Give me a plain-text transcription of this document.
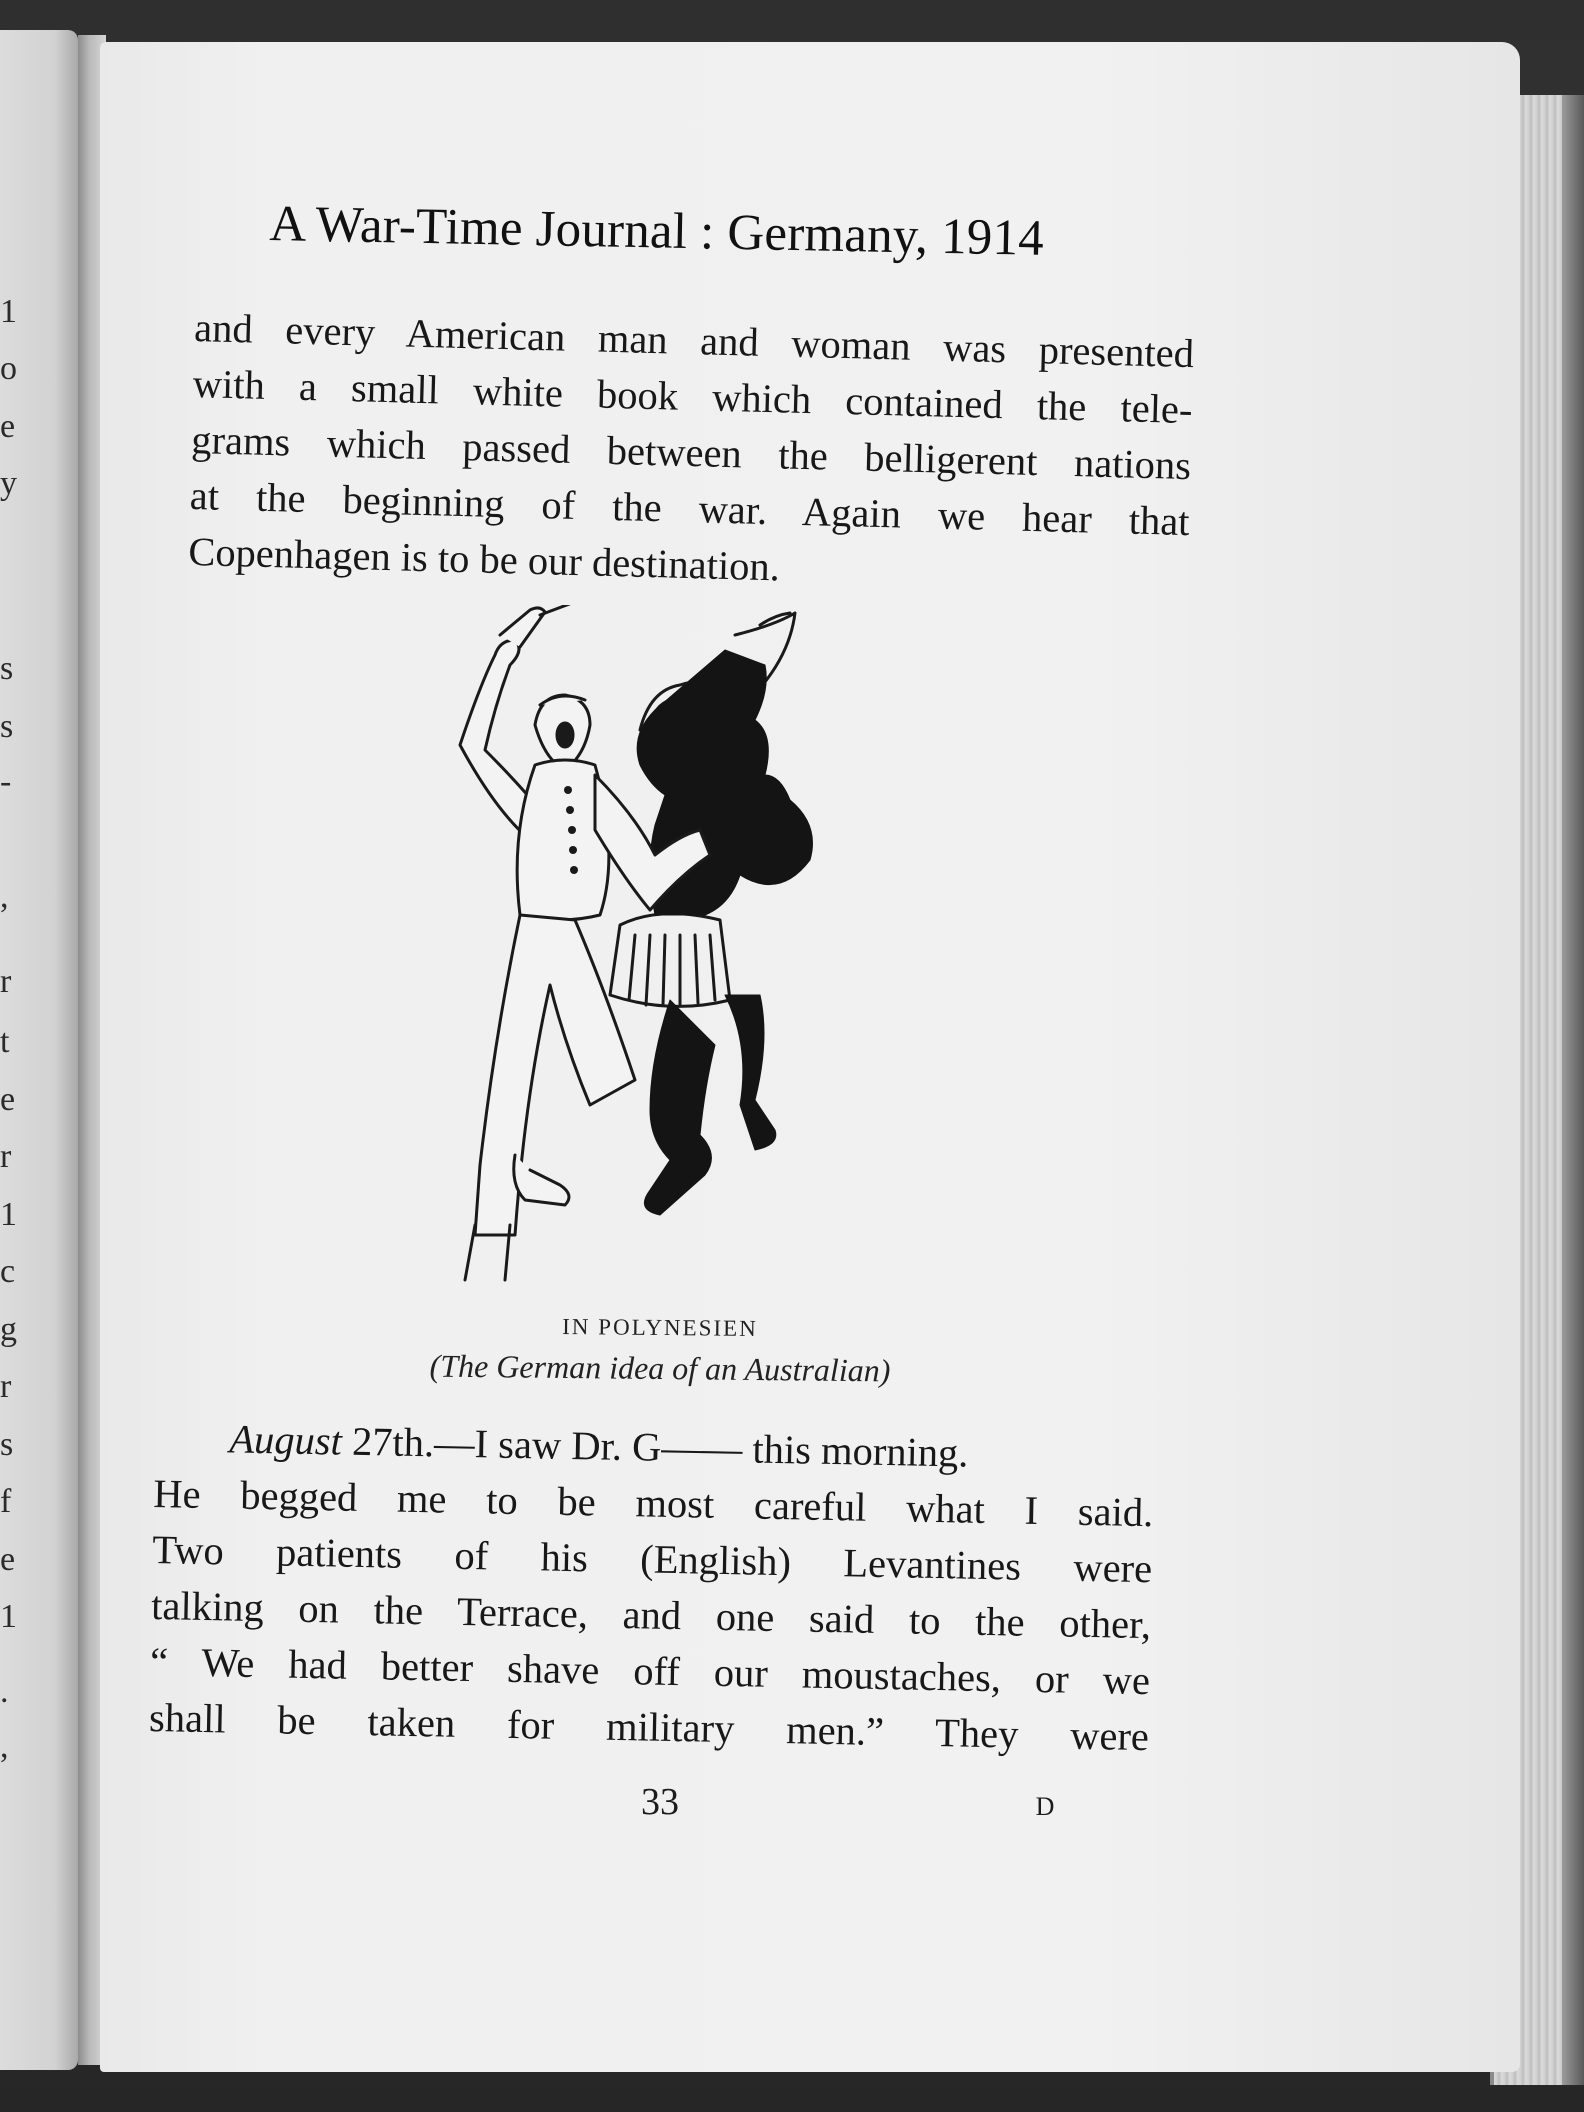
1
o
e
y
s
s
-
,
r
t
e
r
1
c
g
r
s
f
e
1
.
,
A War-Time Journal : Germany, 1914
and every American man and woman was presented
with a small white book which contained the tele-
grams which passed between the belligerent nations
at the beginning of the war. Again we hear that
Copenhagen is to be our destination.
IN POLYNESIEN
(The German idea of an Australian)
August 27th.—I saw Dr. G—— this morning.
He begged me to be most careful what I said.
Two patients of his (English) Levantines were
talking on the Terrace, and one said to the other,
“ We had better shave off our moustaches, or we
shall be taken for military men.” They were
33	D
